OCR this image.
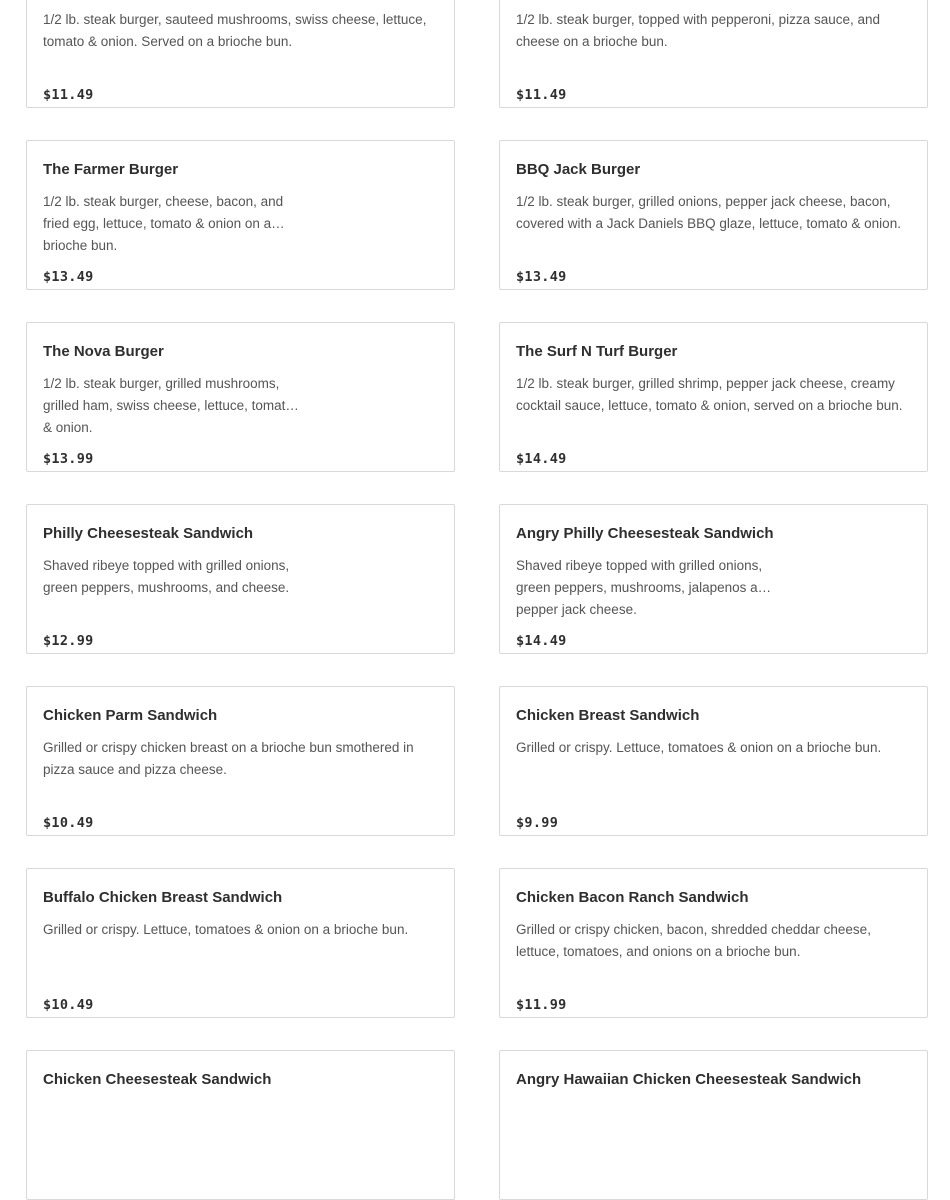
1/2 lb. steak burger, sauteed mushrooms, swiss cheese, lettuce, tomato & onion. Served on a brioche bun.
$11.49
1/2 lb. steak burger, topped with pepperoni, pizza sauce, and cheese on a brioche bun.
$11.49
The Farmer Burger
1/2 lb. steak burger, cheese, bacon, and fried egg, lettuce, tomato & onion on a brioche bun.
$13.49
BBQ Jack Burger
1/2 lb. steak burger, grilled onions, pepper jack cheese, bacon, covered with a Jack Daniels BBQ glaze, lettuce, tomato & onion.
$13.49
The Nova Burger
1/2 lb. steak burger, grilled mushrooms, grilled ham, swiss cheese, lettuce, tomato & onion.
$13.99
The Surf N Turf Burger
1/2 lb. steak burger, grilled shrimp, pepper jack cheese, creamy cocktail sauce, lettuce, tomato & onion, served on a brioche bun.
$14.49
Philly Cheesesteak Sandwich
Shaved ribeye topped with grilled onions, green peppers, mushrooms, and cheese.
$12.99
Angry Philly Cheesesteak Sandwich
Shaved ribeye topped with grilled onions, green peppers, mushrooms, jalapenos and pepper jack cheese.
$14.49
Chicken Parm Sandwich
Grilled or crispy chicken breast on a brioche bun smothered in pizza sauce and pizza cheese.
$10.49
Chicken Breast Sandwich
Grilled or crispy. Lettuce, tomatoes & onion on a brioche bun.
$9.99
Buffalo Chicken Breast Sandwich
Grilled or crispy. Lettuce, tomatoes & onion on a brioche bun.
$10.49
Chicken Bacon Ranch Sandwich
Grilled or crispy chicken, bacon, shredded cheddar cheese, lettuce, tomatoes, and onions on a brioche bun.
$11.99
Chicken Cheesesteak Sandwich	Angry Hawaiian Chicken Cheesesteak Sandwich
